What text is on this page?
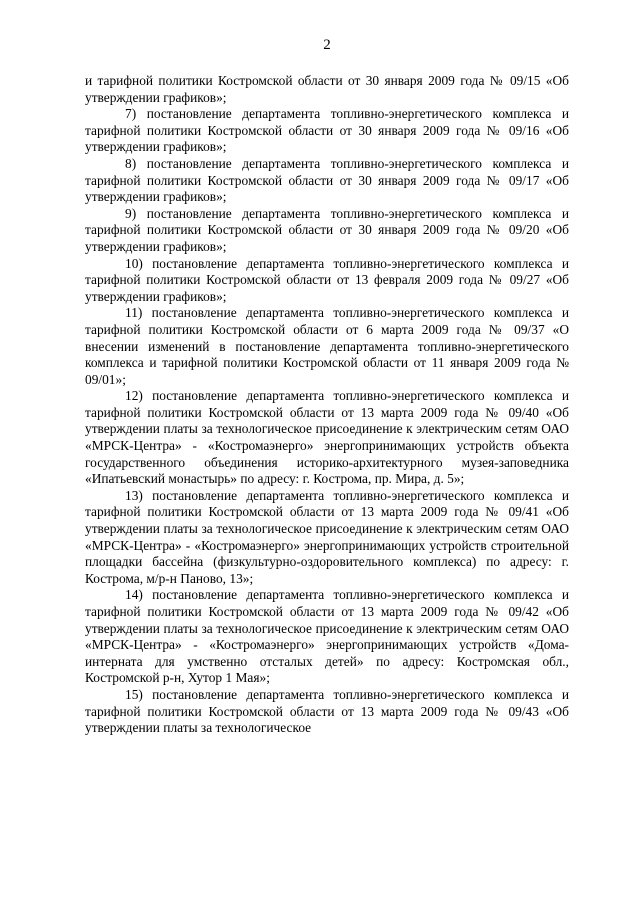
2

и тарифной политики Костромской области от 30 января 2009 года № 09/15 «Об утверждении графиков»;

7) постановление департамента топливно-энергетического комплекса и тарифной политики Костромской области от 30 января 2009 года № 09/16 «Об утверждении графиков»;

8) постановление департамента топливно-энергетического комплекса и тарифной политики Костромской области от 30 января 2009 года № 09/17 «Об утверждении графиков»;

9) постановление департамента топливно-энергетического комплекса и тарифной политики Костромской области от 30 января 2009 года № 09/20 «Об утверждении графиков»;

10) постановление департамента топливно-энергетического комплекса и тарифной политики Костромской области от 13 февраля 2009 года № 09/27 «Об утверждении графиков»;

11) постановление департамента топливно-энергетического комплекса и тарифной политики Костромской области от 6 марта 2009 года № 09/37 «О внесении изменений в постановление департамента топливно-энергетического комплекса и тарифной политики Костромской области от 11 января 2009 года № 09/01»;

12) постановление департамента топливно-энергетического комплекса и тарифной политики Костромской области от 13 марта 2009 года № 09/40 «Об утверждении платы за технологическое присоединение к электрическим сетям ОАО «МРСК-Центра» - «Костромаэнерго» энергопринимающих устройств объекта государственного объединения историко-архитектурного музея-заповедника «Ипатьевский монастырь» по адресу: г. Кострома, пр. Мира, д. 5»;

13) постановление департамента топливно-энергетического комплекса и тарифной политики Костромской области от 13 марта 2009 года № 09/41 «Об утверждении платы за технологическое присоединение к электрическим сетям ОАО «МРСК-Центра» - «Костромаэнерго» энергопринимающих устройств строительной площадки бассейна (физкультурно-оздоровительного комплекса) по адресу: г. Кострома, м/р-н Паново, 13»;

14) постановление департамента топливно-энергетического комплекса и тарифной политики Костромской области от 13 марта 2009 года № 09/42 «Об утверждении платы за технологическое присоединение к электрическим сетям ОАО «МРСК-Центра» - «Костромаэнерго» энергопринимающих устройств «Дома-интерната для умственно отсталых детей» по адресу: Костромская обл., Костромской р-н, Хутор 1 Мая»;

15) постановление департамента топливно-энергетического комплекса и тарифной политики Костромской области от 13 марта 2009 года № 09/43 «Об утверждении платы за технологическое
